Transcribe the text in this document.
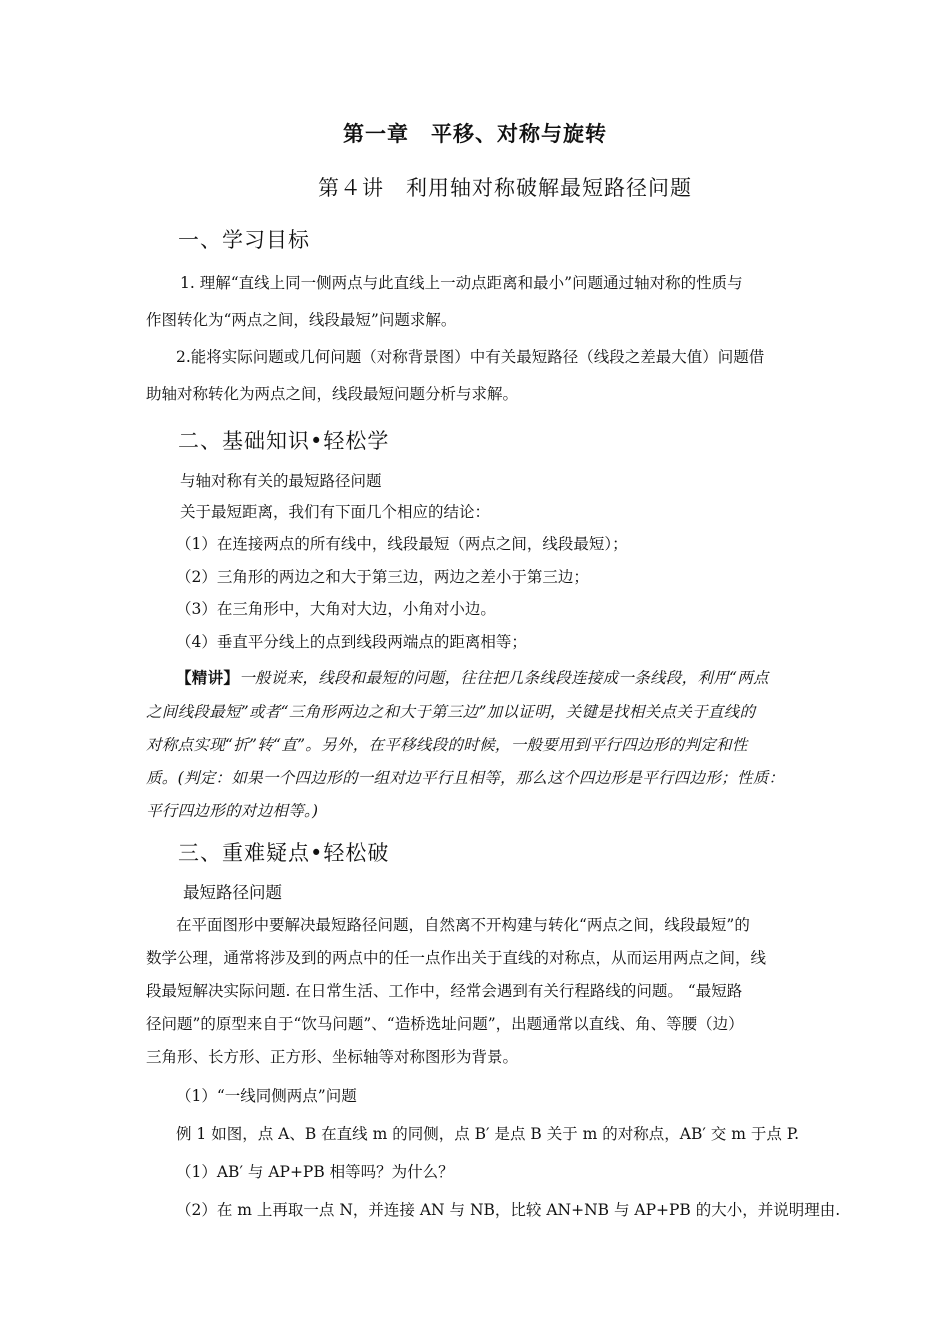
第一章　平移、对称与旋转
第４讲　利用轴对称破解最短路径问题
一、学习目标
1. 理解“直线上同一侧两点与此直线上一动点距离和最小”问题通过轴对称的性质与
作图转化为“两点之间，线段最短”问题求解。
2.能将实际问题或几何问题（对称背景图）中有关最短路径（线段之差最大值）问题借
助轴对称转化为两点之间，线段最短问题分析与求解。
二、基础知识•轻松学
与轴对称有关的最短路径问题
关于最短距离，我们有下面几个相应的结论：
（1）在连接两点的所有线中，线段最短（两点之间，线段最短）；
（2）三角形的两边之和大于第三边，两边之差小于第三边；
（3）在三角形中，大角对大边，小角对小边。
（4）垂直平分线上的点到线段两端点的距离相等；
【精讲】一般说来，线段和最短的问题，往往把几条线段连接成一条线段，利用“两点
之间线段最短”或者“三角形两边之和大于第三边”加以证明，关键是找相关点关于直线的
对称点实现“折”转“直”。另外，在平移线段的时候，一般要用到平行四边形的判定和性
质。(判定：如果一个四边形的一组对边平行且相等，那么这个四边形是平行四边形；性质：
平行四边形的对边相等。)
三、重难疑点•轻松破
最短路径问题
在平面图形中要解决最短路径问题，自然离不开构建与转化“两点之间，线段最短”的
数学公理，通常将涉及到的两点中的任一点作出关于直线的对称点，从而运用两点之间，线
段最短解决实际问题. 在日常生活、工作中，经常会遇到有关行程路线的问题。 “最短路
径问题”的原型来自于“饮马问题”、“造桥选址问题”，出题通常以直线、角、等腰（边）
三角形、长方形、正方形、坐标轴等对称图形为背景。
（1）“一线同侧两点”问题
例 1 如图，点 A、B 在直线 m 的同侧，点 B′ 是点 B 关于 m 的对称点，AB′ 交 m 于点 P.
（1）AB′ 与 AP+PB 相等吗？为什么？
（2）在 m 上再取一点 N，并连接 AN 与 NB，比较 AN+NB 与 AP+PB 的大小，并说明理由.
